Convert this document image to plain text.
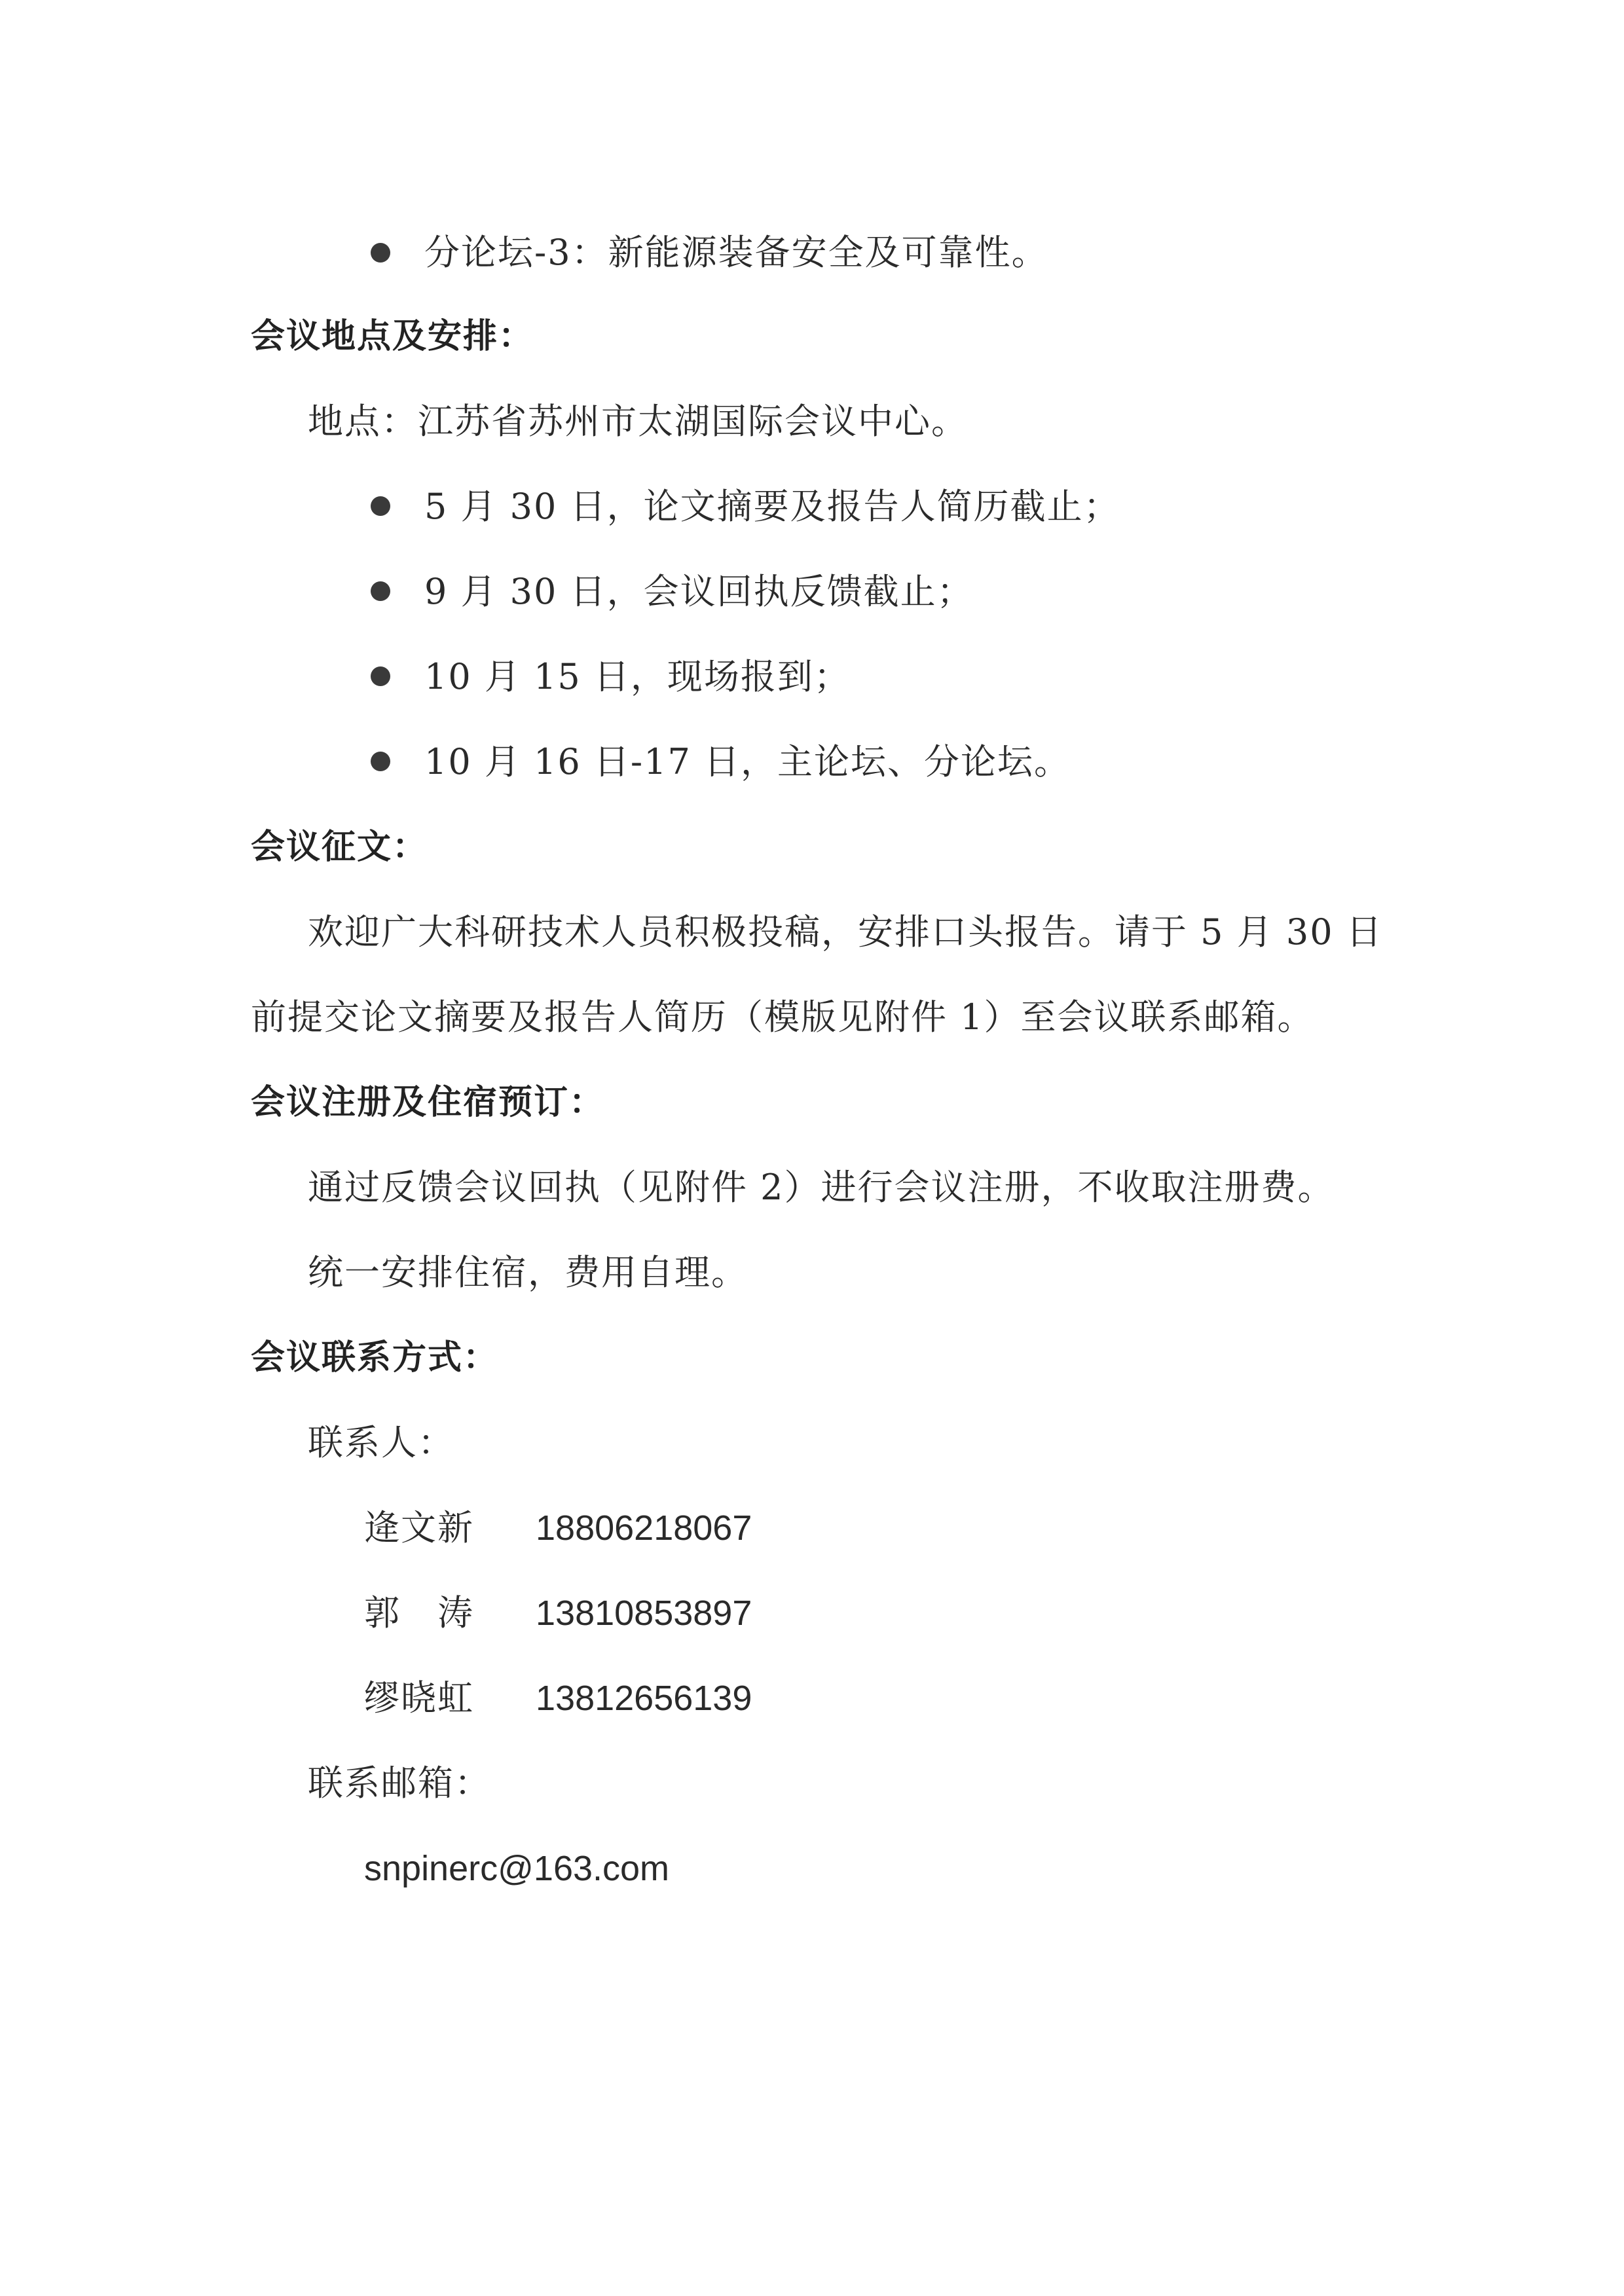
分论坛-3：新能源装备安全及可靠性。
会议地点及安排：
地点：江苏省苏州市太湖国际会议中心。
5 月 30 日，论文摘要及报告人简历截止；
9 月 30 日，会议回执反馈截止；
10 月 15 日，现场报到；
10 月 16 日-17 日，主论坛、分论坛。
会议征文：
欢迎广大科研技术人员积极投稿，安排口头报告。请于 5 月 30 日
前提交论文摘要及报告人简历（模版见附件 1）至会议联系邮箱。
会议注册及住宿预订：
通过反馈会议回执（见附件 2）进行会议注册，不收取注册费。
统一安排住宿，费用自理。
会议联系方式：
联系人：
逄文新 18806218067
郭　涛 13810853897
缪晓虹 13812656139
联系邮箱：
snpinerc@163.com
